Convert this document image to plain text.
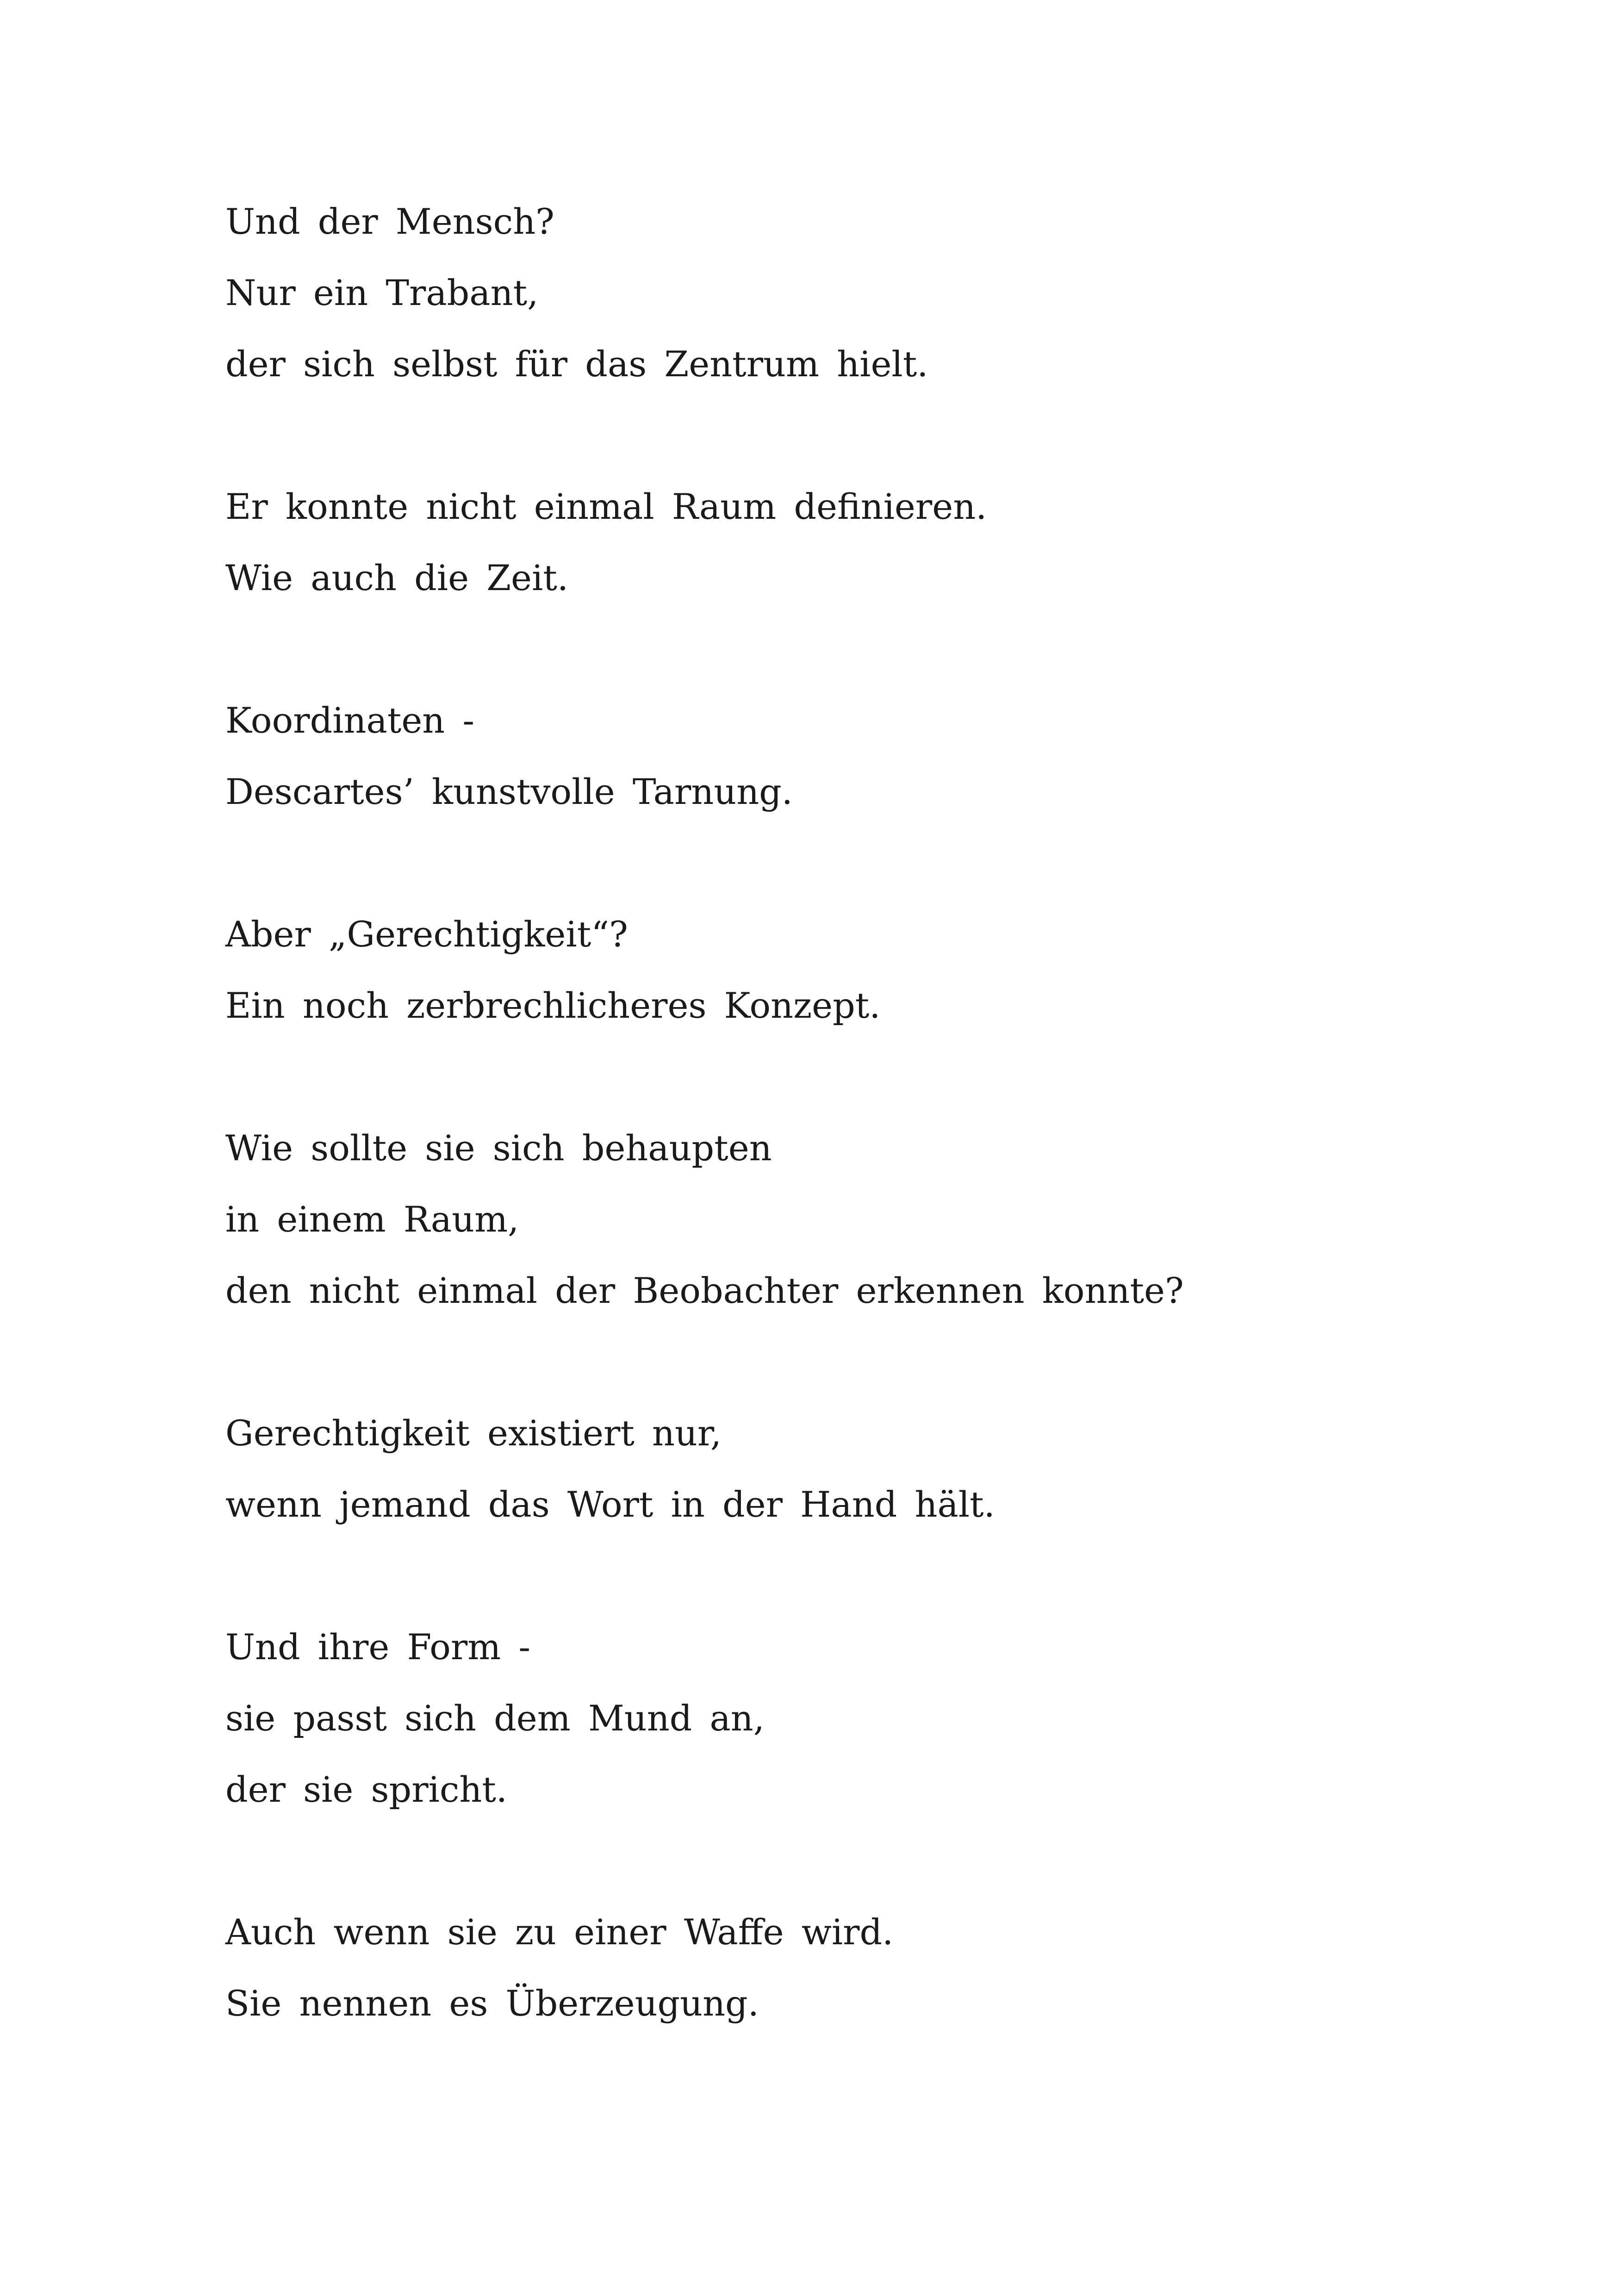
Und der Mensch?
Nur ein Trabant,
der sich selbst für das Zentrum hielt.
Er konnte nicht einmal Raum definieren.
Wie auch die Zeit.
Koordinaten -
Descartes’ kunstvolle Tarnung.
Aber „Gerechtigkeit“?
Ein noch zerbrechlicheres Konzept.
Wie sollte sie sich behaupten
in einem Raum,
den nicht einmal der Beobachter erkennen konnte?
Gerechtigkeit existiert nur,
wenn jemand das Wort in der Hand hält.
Und ihre Form -
sie passt sich dem Mund an,
der sie spricht.
Auch wenn sie zu einer Waffe wird.
Sie nennen es Überzeugung.
